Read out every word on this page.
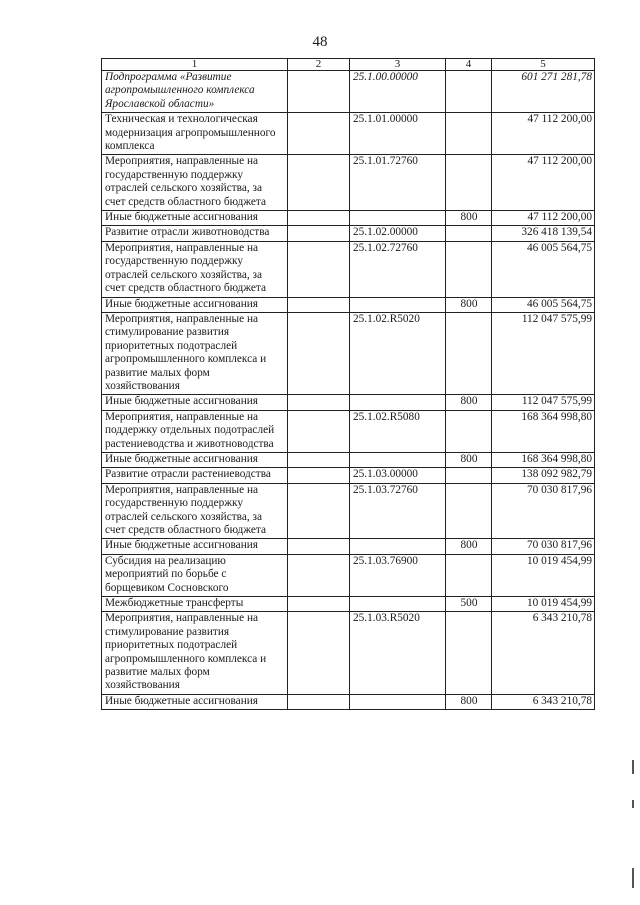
48
1	2	3	4	5
Подпрограмма «Развитие агропромышленного комплекса Ярославской области»		25.1.00.00000		601 271 281,78
Техническая и технологическая модернизация агропромышленного комплекса		25.1.01.00000		47 112 200,00
Мероприятия, направленные на государственную поддержку отраслей сельского хозяйства, за счет средств областного бюджета		25.1.01.72760		47 112 200,00
Иные бюджетные ассигнования			800	47 112 200,00
Развитие отрасли животноводства		25.1.02.00000		326 418 139,54
Мероприятия, направленные на государственную поддержку отраслей сельского хозяйства, за счет средств областного бюджета		25.1.02.72760		46 005 564,75
Иные бюджетные ассигнования			800	46 005 564,75
Мероприятия, направленные на стимулирование развития приоритетных подотраслей агропромышленного комплекса и развитие малых форм хозяйствования		25.1.02.R5020		112 047 575,99
Иные бюджетные ассигнования			800	112 047 575,99
Мероприятия, направленные на поддержку отдельных подотраслей растениеводства и животноводства		25.1.02.R5080		168 364 998,80
Иные бюджетные ассигнования			800	168 364 998,80
Развитие отрасли растениеводства		25.1.03.00000		138 092 982,79
Мероприятия, направленные на государственную поддержку отраслей сельского хозяйства, за счет средств областного бюджета		25.1.03.72760		70 030 817,96
Иные бюджетные ассигнования			800	70 030 817,96
Субсидия на реализацию мероприятий по борьбе с борщевиком Сосновского		25.1.03.76900		10 019 454,99
Межбюджетные трансферты			500	10 019 454,99
Мероприятия, направленные на стимулирование развития приоритетных подотраслей агропромышленного комплекса и развитие малых форм хозяйствования		25.1.03.R5020		6 343 210,78
Иные бюджетные ассигнования			800	6 343 210,78
